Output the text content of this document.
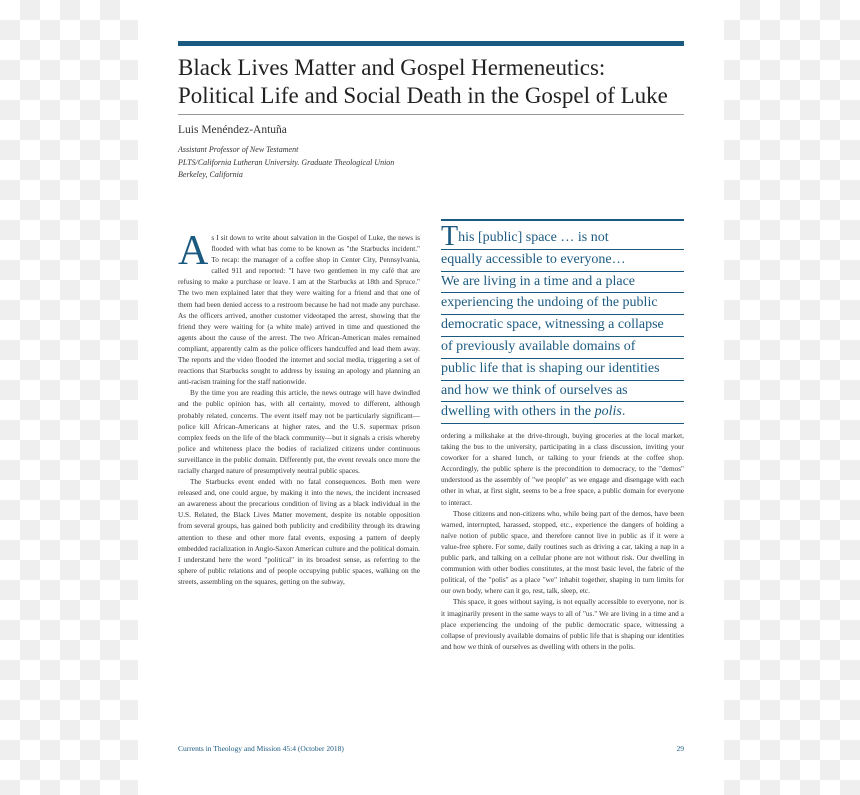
Black Lives Matter and Gospel Hermeneutics:
Political Life and Social Death in the Gospel of Luke
Luis Menéndez-Antuña

Assistant Professor of New Testament
PLTS/California Lutheran University. Graduate Theological Union
Berkeley, California

As I sit down to write about salvation in the Gospel of Luke, the news is flooded with what has come to be known as "the Starbucks incident." To recap: the manager of a coffee shop in Center City, Pennsylvania, called 911 and reported: "I have two gentlemen in my café that are refusing to make a purchase or leave. I am at the Starbucks at 18th and Spruce." The two men explained later that they were waiting for a friend and that one of them had been denied access to a restroom because he had not made any purchase. As the officers arrived, another customer videotaped the arrest, showing that the friend they were waiting for (a white male) arrived in time and questioned the agents about the cause of the arrest. The two African-American males remained compliant, apparently calm as the police officers handcuffed and lead them away. The reports and the video flooded the internet and social media, triggering a set of reactions that Starbucks sought to address by issuing an apology and planning an anti-racism training for the staff nationwide.

By the time you are reading this article, the news outrage will have dwindled and the public opinion has, with all certainty, moved to different, although probably related, concerns. The event itself may not be particularly significant—police kill African-Americans at higher rates, and the U.S. supermax prison complex feeds on the life of the black community—but it signals a crisis whereby police and whiteness place the bodies of racialized citizens under continuous surveillance in the public domain. Differently put, the event reveals once more the racially charged nature of presumptively neutral public spaces.

The Starbucks event ended with no fatal consequences. Both men were released and, one could argue, by making it into the news, the incident increased an awareness about the precarious condition of living as a black individual in the U.S. Related, the Black Lives Matter movement, despite its notable opposition from several groups, has gained both publicity and credibility through its drawing attention to these and other more fatal events, exposing a pattern of deeply embedded racialization in Anglo-Saxon American culture and the political domain. I understand here the word "political" in its broadest sense, as referring to the sphere of public relations and of people occupying public spaces, walking on the streets, assembling on the squares, getting on the subway,

This [public] space … is not
equally accessible to everyone…
We are living in a time and a place
experiencing the undoing of the public
democratic space, witnessing a collapse
of previously available domains of
public life that is shaping our identities
and how we think of ourselves as
dwelling with others in the polis.

ordering a milkshake at the drive-through, buying groceries at the local market, taking the bus to the university, participating in a class discussion, inviting your coworker for a shared lunch, or talking to your friends at the coffee shop. Accordingly, the public sphere is the precondition to democracy, to the "demos" understood as the assembly of "we people" as we engage and disengage with each other in what, at first sight, seems to be a free space, a public domain for everyone to interact.

Those citizens and non-citizens who, while being part of the demos, have been warned, interrupted, harassed, stopped, etc., experience the dangers of holding a naïve notion of public space, and therefore cannot live in public as if it were a value-free sphere. For some, daily routines such as driving a car, taking a nap in a public park, and talking on a cellular phone are not without risk. Our dwelling in communion with other bodies constitutes, at the most basic level, the fabric of the political, of the "polis" as a place "we" inhabit together, shaping in turn limits for our own body, where can it go, rest, talk, sleep, etc.

This space, it goes without saying, is not equally accessible to everyone, nor is it imaginarily present in the same ways to all of "us." We are living in a time and a place experiencing the undoing of the public democratic space, witnessing a collapse of previously available domains of public life that is shaping our identities and how we think of ourselves as dwelling with others in the polis.

Currents in Theology and Mission 45:4 (October 2018)	29
